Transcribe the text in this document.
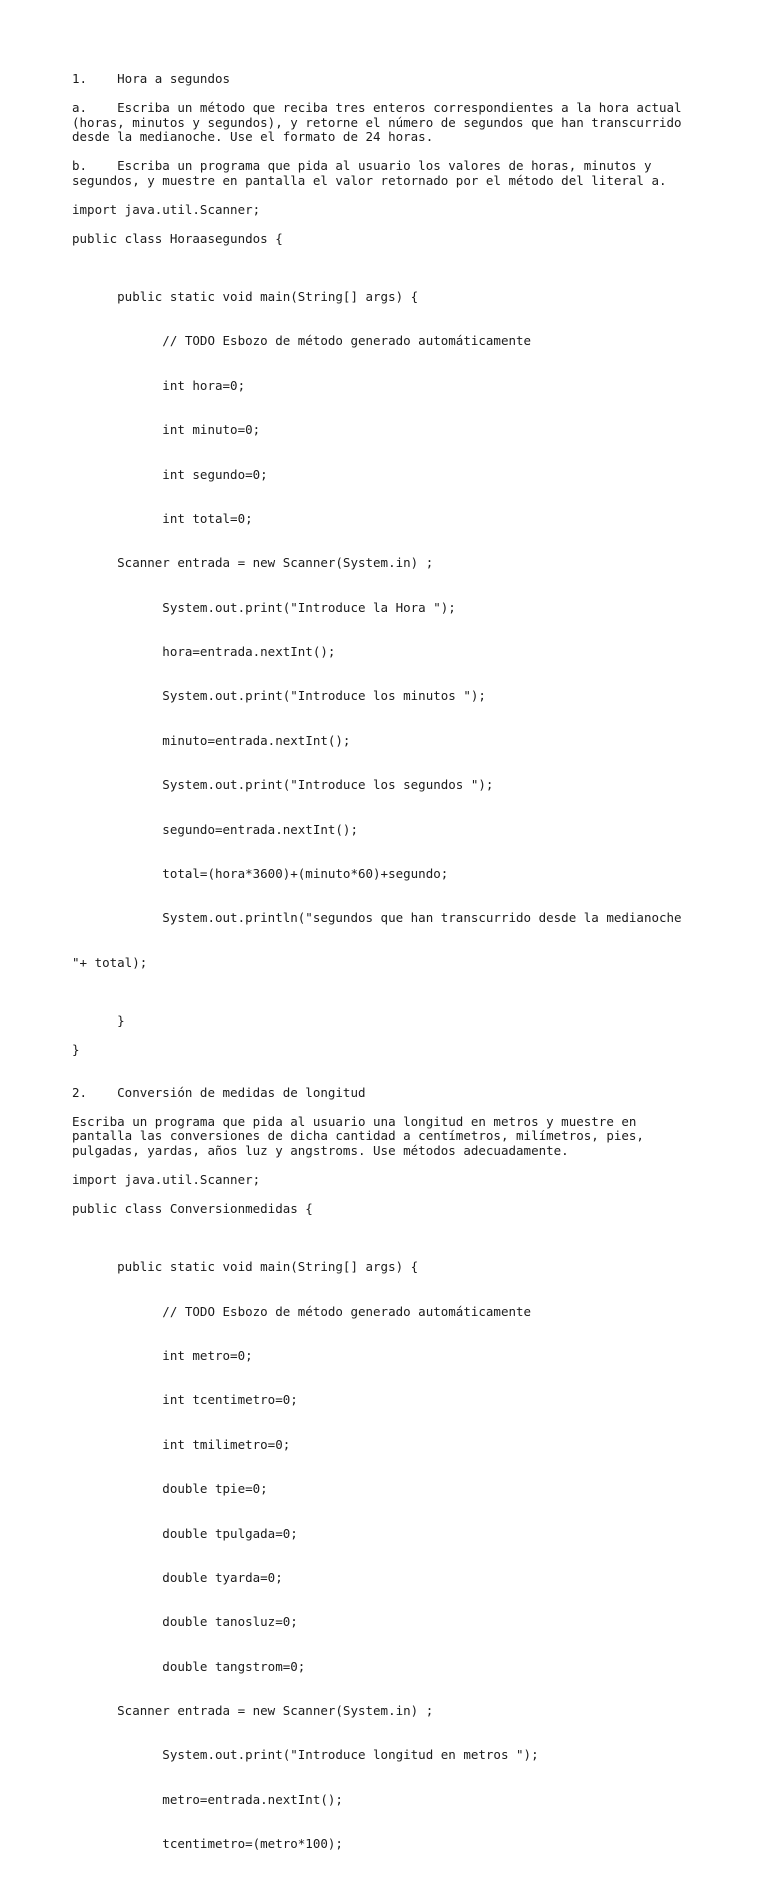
1.    Hora a segundos

a.    Escriba un método que reciba tres enteros correspondientes a la hora actual
(horas, minutos y segundos), y retorne el número de segundos que han transcurrido
desde la medianoche. Use el formato de 24 horas.

b.    Escriba un programa que pida al usuario los valores de horas, minutos y
segundos, y muestre en pantalla el valor retornado por el método del literal a.

import java.util.Scanner;

public class Horaasegundos {

public static void main(String[] args) {

// TODO Esbozo de método generado automáticamente

int hora=0;

int minuto=0;

int segundo=0;

int total=0;

Scanner entrada = new Scanner(System.in) ;

System.out.print("Introduce la Hora ");

hora=entrada.nextInt();

System.out.print("Introduce los minutos ");

minuto=entrada.nextInt();

System.out.print("Introduce los segundos ");

segundo=entrada.nextInt();

total=(hora*3600)+(minuto*60)+segundo;

System.out.println("segundos que han transcurrido desde la medianoche

"+ total);

}

}

2.    Conversión de medidas de longitud

Escriba un programa que pida al usuario una longitud en metros y muestre en
pantalla las conversiones de dicha cantidad a centímetros, milímetros, pies,
pulgadas, yardas, años luz y angstroms. Use métodos adecuadamente.

import java.util.Scanner;

public class Conversionmedidas {

public static void main(String[] args) {

// TODO Esbozo de método generado automáticamente

int metro=0;

int tcentimetro=0;

int tmilimetro=0;

double tpie=0;

double tpulgada=0;

double tyarda=0;

double tanosluz=0;

double tangstrom=0;

Scanner entrada = new Scanner(System.in) ;

System.out.print("Introduce longitud en metros ");

metro=entrada.nextInt();

tcentimetro=(metro*100);
